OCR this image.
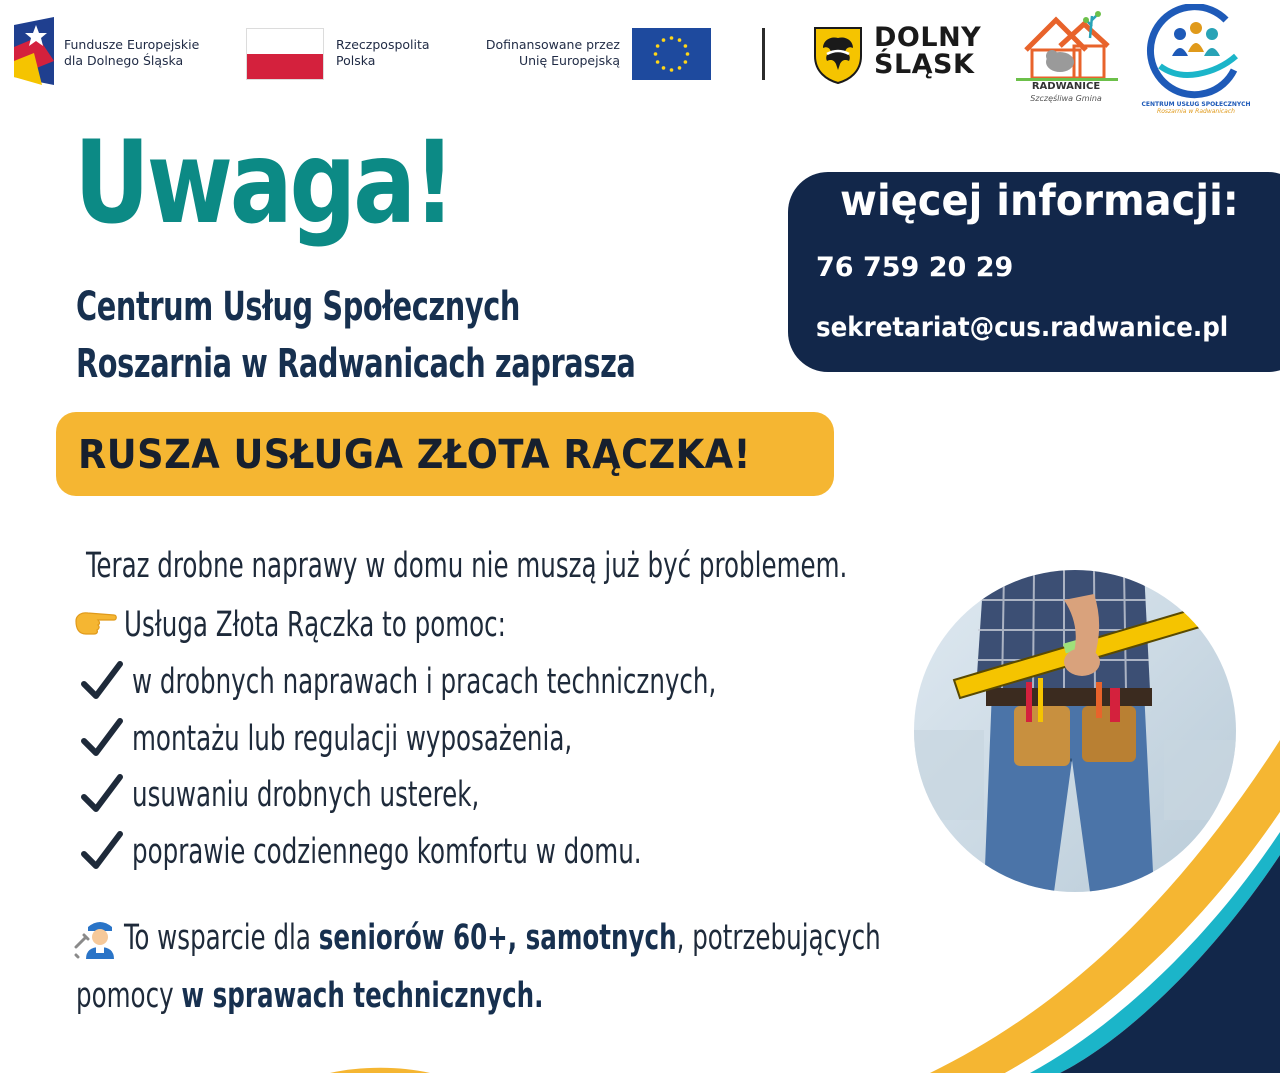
Fundusze Europejskie
dla Dolnego Śląska
Rzeczpospolita
Polska
Dofinansowane przez
Unię Europejską
DOLNY
ŚLĄSK
RADWANICE
Szczęśliwa Gmina
CENTRUM USŁUG SPOŁECZNYCH
Roszarnia w Radwanicach
Uwaga!
Centrum Usług Społecznych
Roszarnia w Radwanicach zaprasza
więcej informacji:
76 759 20 29
sekretariat@cus.radwanice.pl
RUSZA USŁUGA ZŁOTA RĄCZKA!
Teraz drobne naprawy w domu nie muszą już być problemem.
Usługa Złota Rączka to pomoc:
w drobnych naprawach i pracach technicznych,
montażu lub regulacji wyposażenia,
usuwaniu drobnych usterek,
poprawie codziennego komfortu w domu.
To wsparcie dla seniorów 60+, samotnych, potrzebujących
pomocy w sprawach technicznych.
